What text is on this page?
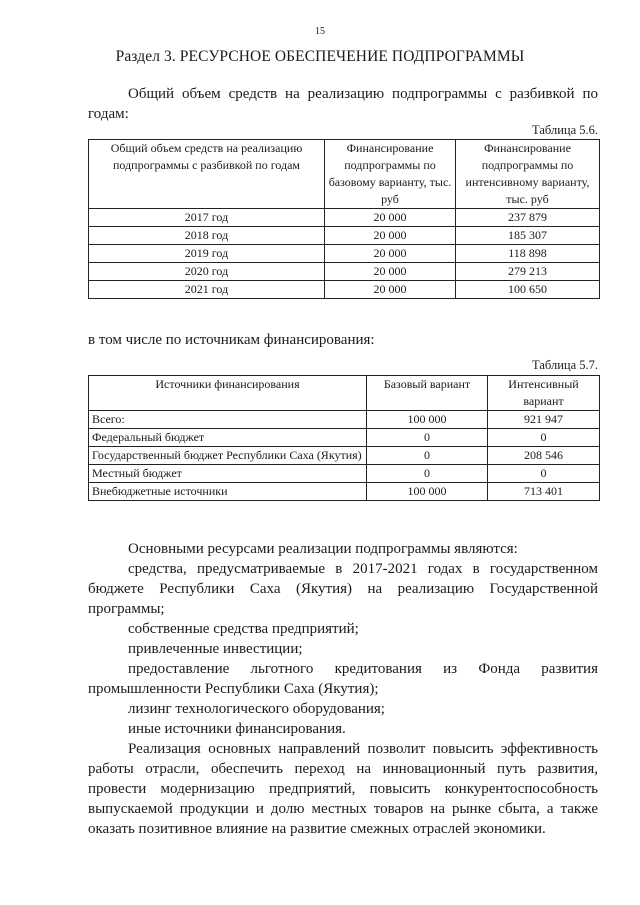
15
Раздел 3. РЕСУРСНОЕ ОБЕСПЕЧЕНИЕ ПОДПРОГРАММЫ
Общий объем средств на реализацию подпрограммы с разбивкой по годам:
Таблица 5.6.
Общий объем средств на реализацию подпрограммы с разбивкой по годам	Финансирование подпрограммы по базовому варианту, тыс. руб	Финансирование подпрограммы по интенсивному варианту, тыс. руб
2017 год	20 000	237 879
2018 год	20 000	185 307
2019 год	20 000	118 898
2020 год	20 000	279 213
2021 год	20 000	100 650
в том числе по источникам финансирования:
Таблица 5.7.
Источники финансирования	Базовый вариант	Интенсивный вариант
Всего:	100 000	921 947
Федеральный бюджет	0	0
Государственный бюджет Республики Саха (Якутия)	0	208 546
Местный бюджет	0	0
Внебюджетные источники	100 000	713 401

Основными ресурсами реализации подпрограммы являются:

средства, предусматриваемые в 2017-2021 годах в государственном бюджете Республики Саха (Якутия) на реализацию Государственной программы;

собственные средства предприятий;

привлеченные инвестиции;

предоставление льготного кредитования из Фонда развития промышленности Республики Саха (Якутия);

лизинг технологического оборудования;

иные источники финансирования.

Реализация основных направлений позволит повысить эффективность работы отрасли, обеспечить переход на инновационный путь развития, провести модернизацию предприятий, повысить конкурентоспособность выпускаемой продукции и долю местных товаров на рынке сбыта, а также оказать позитивное влияние на развитие смежных отраслей экономики.
